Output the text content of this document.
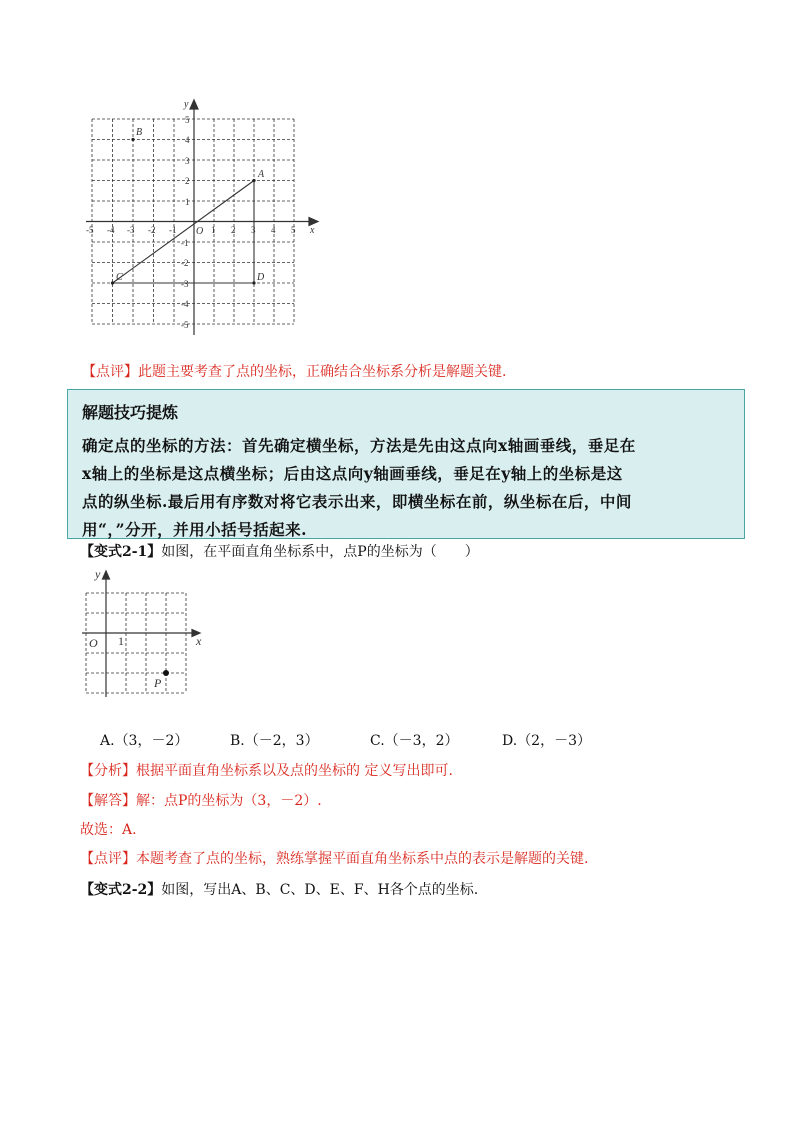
y
x
O
A
B
C	D
-5 -4 -3 -2 -1	1 2 3 4 5
5
4
3
2
1
-1
-2
-3
-4
-5
【点评】此题主要考查了点的坐标，正确结合坐标系分析是解题关键.
解题技巧提炼
确定点的坐标的方法：首先确定横坐标，方法是先由这点向x轴画垂线，垂足在
x轴上的坐标是这点横坐标；后由这点向y轴画垂线，垂足在y轴上的坐标是这
点的纵坐标.最后用有序数对将它表示出来，即横坐标在前，纵坐标在后，中间
用“，”分开，并用小括号括起来.
【变式2-1】如图，在平面直角坐标系中，点P的坐标为（　　）
y
x
O
P
1
A.（3，－2）	B.（－2，3）	C.（－3，2）	D.（2，－3）
【分析】根据平面直角坐标系以及点的坐标的 定义写出即可.
【解答】解：点P的坐标为（3，－2）.
故选：A.
【点评】本题考查了点的坐标，熟练掌握平面直角坐标系中点的表示是解题的关键.
【变式2-2】如图，写出A、B、C、D、E、F、H各个点的坐标.
